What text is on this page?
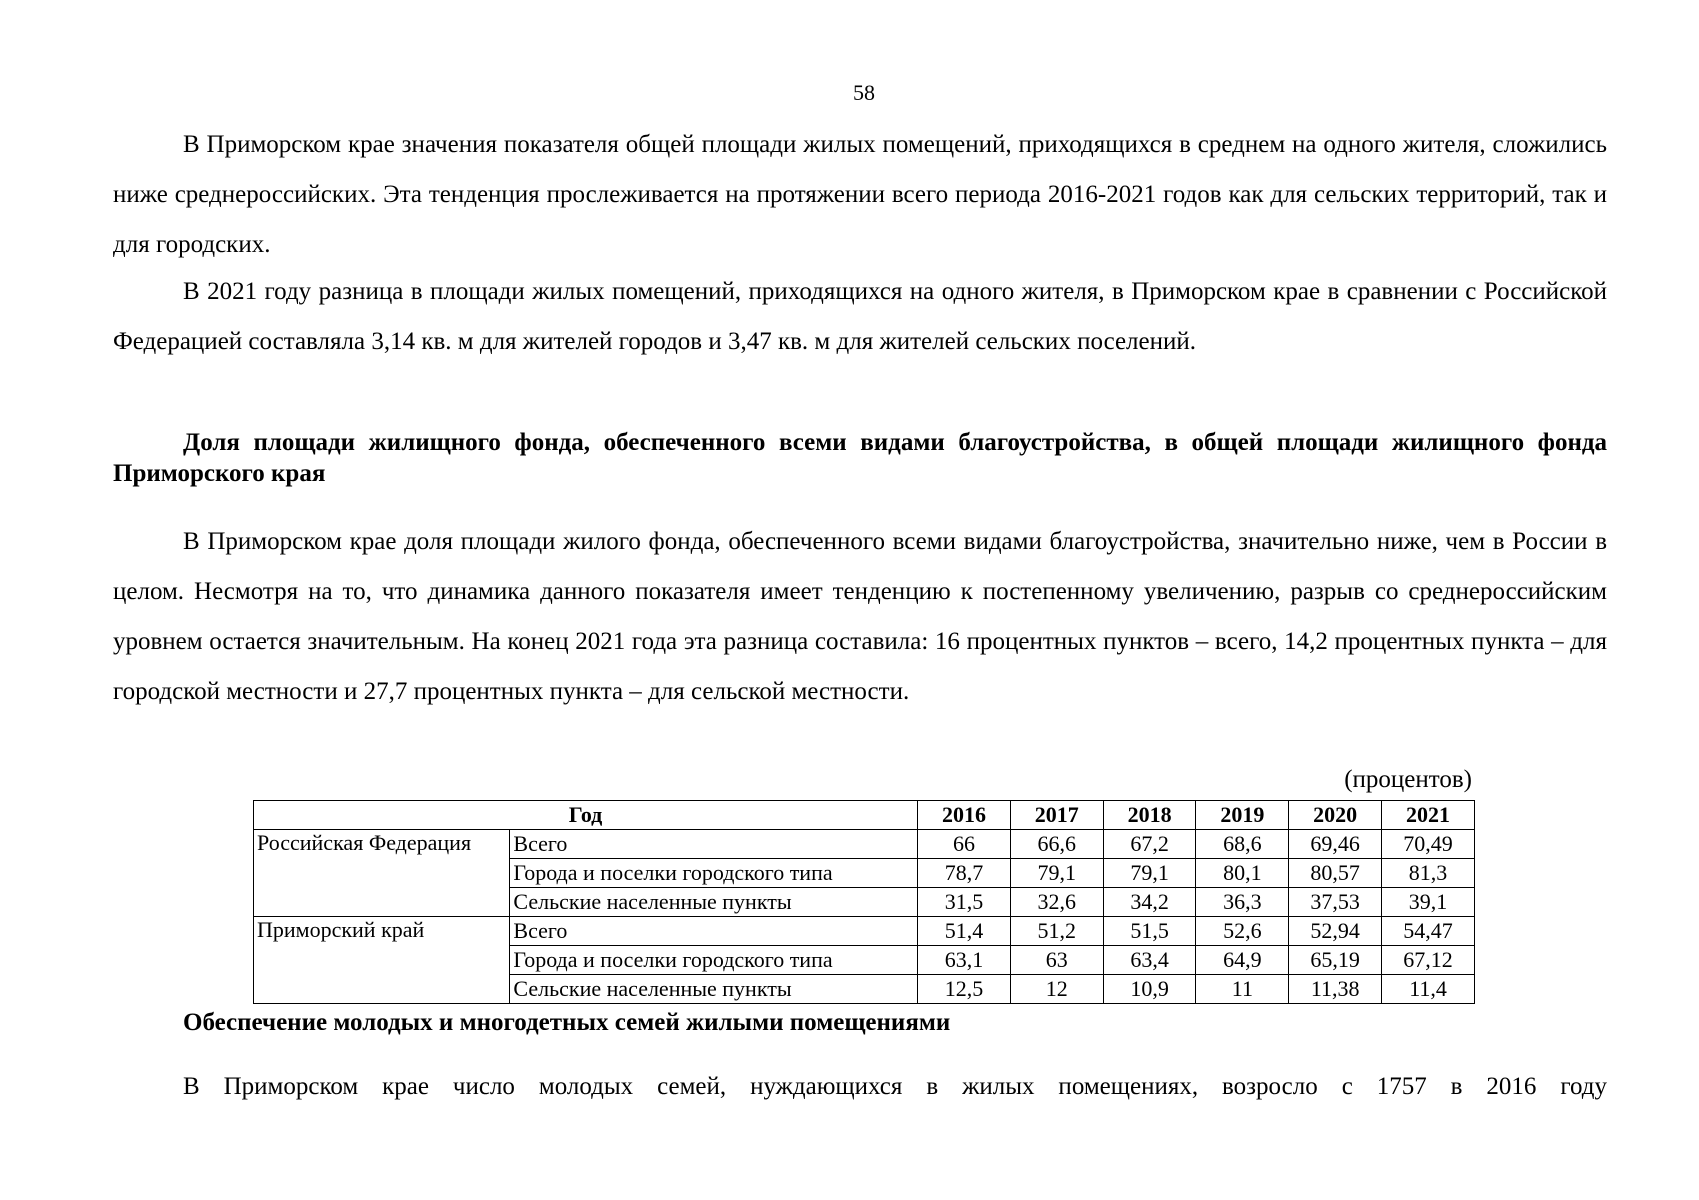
58

В Приморском крае значения показателя общей площади жилых помещений, приходящихся в среднем на одного жителя, сложились ниже среднероссийских. Эта тенденция прослеживается на протяжении всего периода 2016-2021 годов как для сельских территорий, так и для городских.

В 2021 году разница в площади жилых помещений, приходящихся на одного жителя, в Приморском крае в сравнении с Российской Федерацией составляла 3,14 кв. м для жителей городов и 3,47 кв. м для жителей сельских поселений.

Доля площади жилищного фонда, обеспеченного всеми видами благоустройства, в общей площади жилищного фонда Приморского края

В Приморском крае доля площади жилого фонда, обеспеченного всеми видами благоустройства, значительно ниже, чем в России в целом. Несмотря на то, что динамика данного показателя имеет тенденцию к постепенному увеличению, разрыв со среднероссийским уровнем остается значительным. На конец 2021 года эта разница составила: 16 процентных пунктов – всего, 14,2 процентных пункта – для городской местности и 27,7 процентных пункта – для сельской местности.

(процентов)
Год		2016	2017	2018	2019	2020	2021
Российская Федерация	Всего	66	66,6	67,2	68,6	69,46	70,49
	Города и поселки городского типа	78,7	79,1	79,1	80,1	80,57	81,3
	Сельские населенные пункты	31,5	32,6	34,2	36,3	37,53	39,1
Приморский край	Всего	51,4	51,2	51,5	52,6	52,94	54,47
	Города и поселки городского типа	63,1	63	63,4	64,9	65,19	67,12
	Сельские населенные пункты	12,5	12	10,9	11	11,38	11,4

Обеспечение молодых и многодетных семей жилыми помещениями

В Приморском крае число молодых семей, нуждающихся в жилых помещениях, возросло с 1757 в 2016 году
